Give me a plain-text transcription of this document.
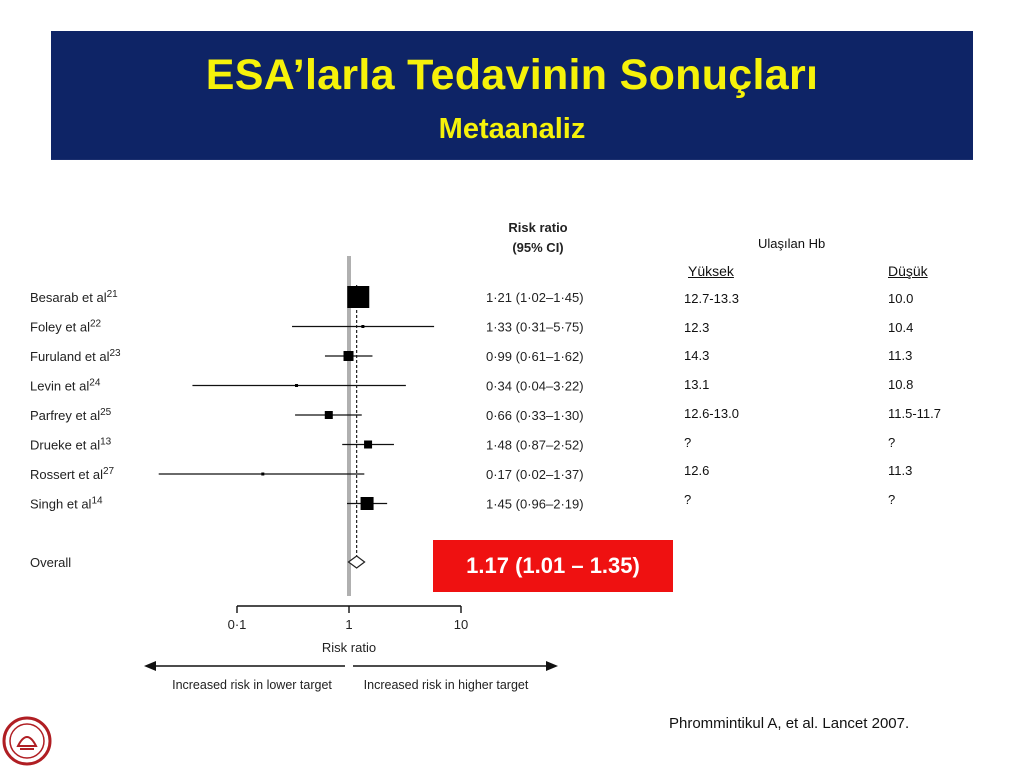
ESA’larla Tedavinin Sonuçları
Metaanaliz
Risk ratio
(95% CI)
Besarab et $al^{21}$	1·21 (1·02–1·45)
Foley et $al^{22}$	1·33 (0·31–5·75)
Furuland et $al^{23}$	0·99 (0·61–1·62)
Levin et $al^{24}$	0·34 (0·04–3·22)
Parfrey et $al^{25}$	0·66 (0·33–1·30)
Drueke et $al^{13}$	1·48 (0·87–2·52)
Rossert et $al^{27}$	0·17 (0·02–1·37)
Singh et $al^{14}$	1·45 (0·96–2·19)
Overall
0·1	1	10
Risk ratio
Increased risk in lower target	Increased risk in higher target
1.17 (1.01 – 1.35)
Ulaşılan Hb
Yüksek	Düşük
12.7-13.3	10.0
12.3	10.4
14.3	11.3
13.1	10.8
12.6-13.0	11.5-11.7
?	?
12.6	11.3
?	?
Phrommintikul A, et al. Lancet 2007.
